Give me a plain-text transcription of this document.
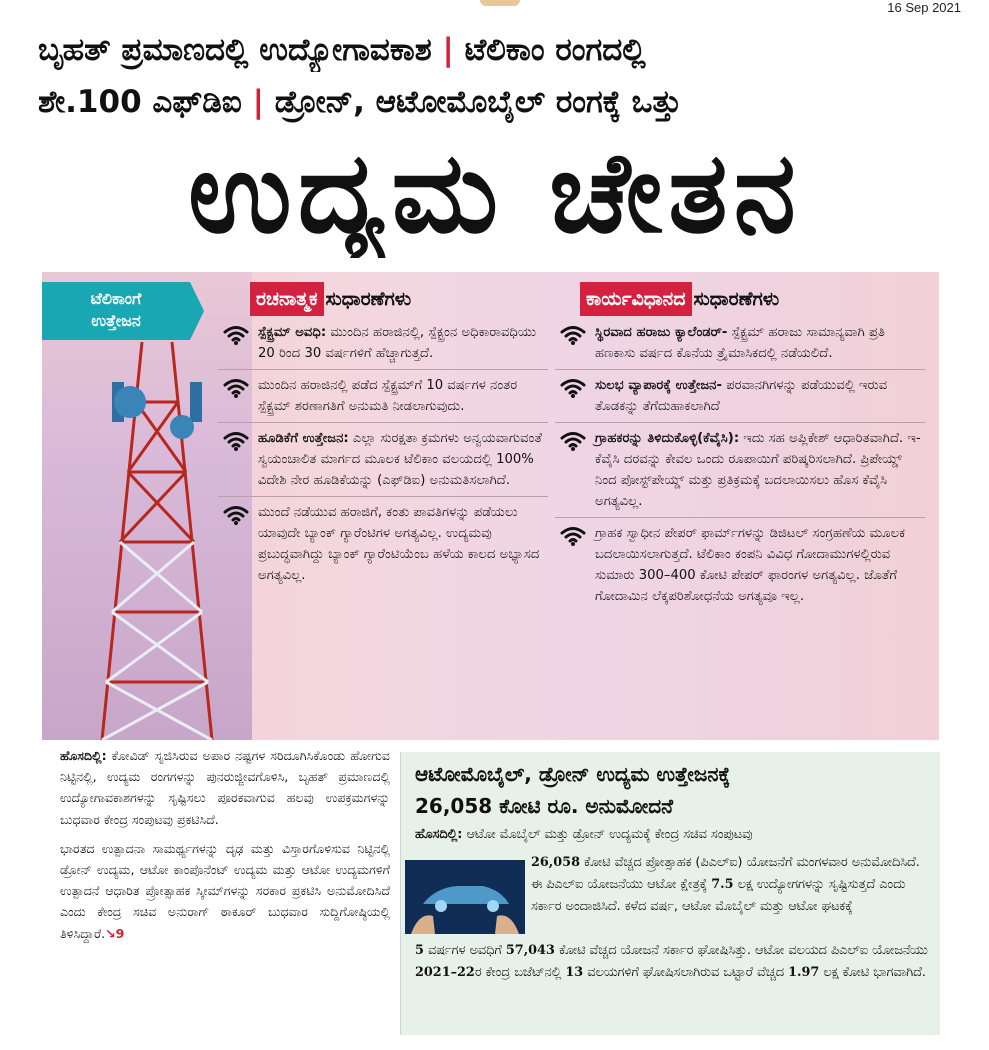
16 Sep 2021
ಬೃಹತ್ ಪ್ರಮಾಣದಲ್ಲಿ ಉದ್ಯೋಗಾವಕಾಶ | ಟೆಲಿಕಾಂ ರಂಗದಲ್ಲಿ
ಶೇ.100 ಎಫ್‌ಡಿಐ | ಡ್ರೋನ್, ಆಟೋಮೊಬೈಲ್ ರಂಗಕ್ಕೆ ಒತ್ತು
ಉದ್ಯಮ ಚೇತನ
ಟೆಲಿಕಾಂಗೆ
ಉತ್ತೇಜನ
ರಚನಾತ್ಮಕ ಸುಧಾರಣೆಗಳು	ಕಾರ್ಯವಿಧಾನದ ಸುಧಾರಣೆಗಳು
ಸ್ಪೆಕ್ಟ್ರಮ್ ಅವಧಿ: ಮುಂದಿನ ಹರಾಜಿನಲ್ಲಿ, ಸ್ಪೆಕ್ಟ್ರಂನ ಅಧಿಕಾರಾವಧಿಯು 20 ರಿಂದ 30 ವರ್ಷಗಳಿಗೆ ಹೆಚ್ಚಾಗುತ್ತದೆ.
ಮುಂದಿನ ಹರಾಜಿನಲ್ಲಿ ಪಡೆದ ಸ್ಪೆಕ್ಟ್ರಮ್‌ಗೆ 10 ವರ್ಷಗಳ ನಂತರ ಸ್ಪೆಕ್ಟ್ರಮ್ ಶರಣಾಗತಿಗೆ ಅನುಮತಿ ನೀಡಲಾಗುವುದು.
ಹೂಡಿಕೆಗೆ ಉತ್ತೇಜನ: ಎಲ್ಲಾ ಸುರಕ್ಷತಾ ಕ್ರಮಗಳು ಅನ್ವಯವಾಗುವಂತೆ ಸ್ವಯಂಚಾಲಿತ ಮಾರ್ಗದ ಮೂಲಕ ಟೆಲಿಕಾಂ ವಲಯದಲ್ಲಿ 100% ವಿದೇಶಿ ನೇರ ಹೂಡಿಕೆಯನ್ನು (ಎಫ್‌ಡಿಐ) ಅನುಮತಿಸಲಾಗಿದೆ.
ಮುಂದೆ ನಡೆಯುವ ಹರಾಜಿಗೆ, ಕಂತು ಪಾವತಿಗಳನ್ನು ಪಡೆಯಲು ಯಾವುದೇ ಬ್ಯಾಂಕ್ ಗ್ಯಾರೆಂಟಿಗಳ ಅಗತ್ಯವಿಲ್ಲ. ಉದ್ಯಮವು ಪ್ರಬುದ್ಧವಾಗಿದ್ದು ಬ್ಯಾಂಕ್ ಗ್ಯಾರೆಂಟಿಯೆಂಬ ಹಳೆಯ ಕಾಲದ ಅಭ್ಯಾಸದ ಅಗತ್ಯವಿಲ್ಲ.
ಸ್ಥಿರವಾದ ಹರಾಜು ಕ್ಯಾಲೆಂಡರ್- ಸ್ಪೆಕ್ಟ್ರಮ್ ಹರಾಜು ಸಾಮಾನ್ಯವಾಗಿ ಪ್ರತಿ ಹಣಕಾಸು ವರ್ಷದ ಕೊನೆಯ ತ್ರೈಮಾಸಿಕದಲ್ಲಿ ನಡೆಯಲಿದೆ.
ಸುಲಭ ವ್ಯಾಪಾರಕ್ಕೆ ಉತ್ತೇಜನ- ಪರವಾನಗಿಗಳನ್ನು ಪಡೆಯುವಲ್ಲಿ ಇರುವ ತೊಡಕನ್ನು ತೆಗೆದುಹಾಕಲಾಗಿದೆ
ಗ್ರಾಹಕರನ್ನು ತಿಳಿದುಕೊಳ್ಳಿ(ಕೆವೈಸಿ): ಇದು ಸಹ ಅಪ್ಲಿಕೇಶ್ ಆಧಾರಿತವಾಗಿದೆ. ಇ-ಕೆವೈಸಿ ದರವನ್ನು ಕೇವಲ ಒಂದು ರೂಪಾಯಿಗೆ ಪರಿಷ್ಕರಿಸಲಾಗಿದೆ. ಪ್ರಿಪೇಯ್ಡ್ ನಿಂದ ಪೋಸ್ಟ್‌ಪೇಯ್ಡ್ ಮತ್ತು ಪ್ರತಿಕ್ರಮಕ್ಕೆ ಬದಲಾಯಿಸಲು ಹೊಸ ಕೆವೈಸಿ ಅಗತ್ಯವಿಲ್ಲ.
ಗ್ರಾಹಕ ಸ್ವಾಧೀನ ಪೇಪರ್ ಫಾರ್ಮ್‌ಗಳನ್ನು ಡಿಜಿಟಲ್ ಸಂಗ್ರಹಣೆಯ ಮೂಲಕ ಬದಲಾಯಿಸಲಾಗುತ್ತದೆ. ಟೆಲಿಕಾಂ ಕಂಪನಿ ವಿವಿಧ ಗೋದಾಮುಗಳಲ್ಲಿರುವ ಸುಮಾರು 300–400 ಕೋಟಿ ಪೇಪರ್ ಫಾರಂಗಳ ಅಗತ್ಯವಿಲ್ಲ. ಜೊತೆಗೆ ಗೋದಾಮಿನ ಲೆಕ್ಕಪರಿಶೋಧನೆಯ ಅಗತ್ಯವೂ ಇಲ್ಲ.

ಹೊಸದಿಲ್ಲಿ: ಕೋವಿಡ್ ಸೃಜಿಸಿರುವ ಅಪಾರ ನಷ್ಟಗಳ ಸರಿದೂಗಿಸಿಕೊಂಡು ಹೋಗುವ ನಿಟ್ಟಿನಲ್ಲಿ, ಉದ್ಯಮ ರಂಗಗಳನ್ನು ಪುನರುಜ್ಜೀವಗೊಳಿಸಿ, ಬೃಹತ್ ಪ್ರಮಾಣದಲ್ಲಿ ಉದ್ಯೋಗಾವಕಾಶಗಳನ್ನು ಸೃಷ್ಟಿಸಲು ಪೂರಕವಾಗುವ ಹಲವು ಉಪಕ್ರಮಗಳನ್ನು ಬುಧವಾರ ಕೇಂದ್ರ ಸಂಪುಟವು ಪ್ರಕಟಿಸಿದೆ.

ಭಾರತದ ಉತ್ಪಾದನಾ ಸಾಮರ್ಥ್ಯಗಳನ್ನು ದೃಢ ಮತ್ತು ವಿಸ್ತಾರಗೊಳಿಸುವ ನಿಟ್ಟಿನಲ್ಲಿ ಡ್ರೋನ್ ಉದ್ಯಮ, ಆಟೋ ಕಾಂಪೊನೆಂಟ್ ಉದ್ಯಮ ಮತ್ತು ಆಟೋ ಉದ್ಯಮಗಳಿಗೆ ಉತ್ಪಾದನೆ ಆಧಾರಿತ ಪ್ರೋತ್ಸಾಹಕ ಸ್ಕೀಮ್‌ಗಳನ್ನು ಸರಕಾರ ಪ್ರಕಟಿಸಿ ಅನುಮೋದಿಸಿದೆ ಎಂದು ಕೇಂದ್ರ ಸಚಿವ ಅನುರಾಗ್ ಠಾಕೂರ್ ಬುಧವಾರ ಸುದ್ದಿಗೋಷ್ಠಿಯಲ್ಲಿ ತಿಳಿಸಿದ್ದಾರೆ.↘9

ಆಟೋಮೊಬೈಲ್, ಡ್ರೋನ್ ಉದ್ಯಮ ಉತ್ತೇಜನಕ್ಕೆ
26,058 ಕೋಟಿ ರೂ. ಅನುಮೋದನೆ
ಹೊಸದಿಲ್ಲಿ: ಆಟೋ ಮೊಬೈಲ್ ಮತ್ತು ಡ್ರೋನ್ ಉದ್ಯಮಕ್ಕೆ ಕೇಂದ್ರ ಸಚಿವ ಸಂಪುಟವು
26,058 ಕೋಟಿ ವೆಚ್ಚದ ಪ್ರೋತ್ಸಾಹಕ (ಪಿಎಲ್‌ಐ) ಯೋಜನೆಗೆ ಮಂಗಳವಾರ ಅನುಮೋದಿಸಿದೆ. ಈ ಪಿಎಲ್‌ಐ ಯೋಜನೆಯು ಆಟೋ ಕ್ಷೇತ್ರಕ್ಕೆ 7.5 ಲಕ್ಷ ಉದ್ಯೋಗಗಳನ್ನು ಸೃಷ್ಟಿಸುತ್ತದೆ ಎಂದು ಸರ್ಕಾರ ಅಂದಾಜಿಸಿದೆ. ಕಳೆದ ವರ್ಷ, ಆಟೋ ಮೊಬೈಲ್ ಮತ್ತು ಆಟೋ ಘಟಕಕ್ಕೆ
5 ವರ್ಷಗಳ ಅವಧಿಗೆ 57,043 ಕೋಟಿ ವೆಚ್ಚದ ಯೋಜನೆ ಸರ್ಕಾರ ಘೋಷಿಸಿತ್ತು. ಆಟೋ ವಲಯದ ಪಿಎಲ್‌ಐ ಯೋಜನೆಯು 2021–22ರ ಕೇಂದ್ರ ಬಜೆಟ್‌ನಲ್ಲಿ 13 ವಲಯಗಳಿಗೆ ಘೋಷಿಸಲಾಗಿರುವ ಒಟ್ಟಾರೆ ವೆಚ್ಚದ 1.97 ಲಕ್ಷ ಕೋಟಿ ಭಾಗವಾಗಿದೆ.
